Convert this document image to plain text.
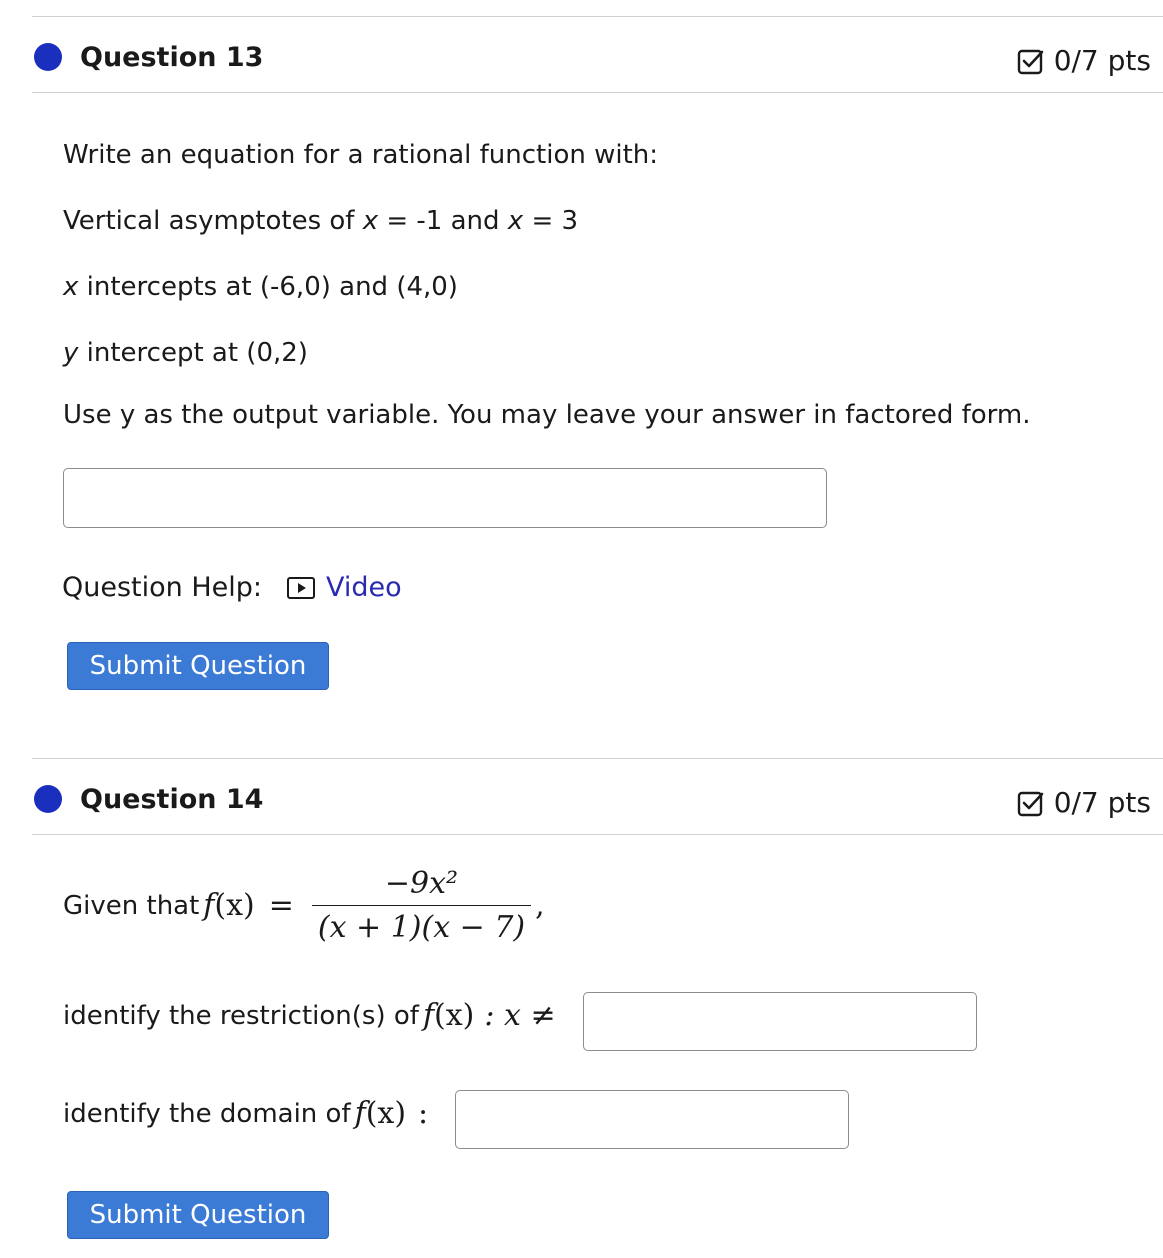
Question 13	0/7 pts
Write an equation for a rational function with:
Vertical asymptotes of x = -1 and x = 3
x intercepts at (-6,0) and (4,0)
y intercept at (0,2)
Use y as the output variable. You may leave your answer in factored form.
Question Help: Video
Submit Question
Question 14	0/7 pts
Given that $f(x) = \frac{\text{−9x²}}{(x + 1)(x - 7)}$ ,
identify the restriction(s) of f(x) : x ≠
identify the domain of f(x) :
Submit Question
